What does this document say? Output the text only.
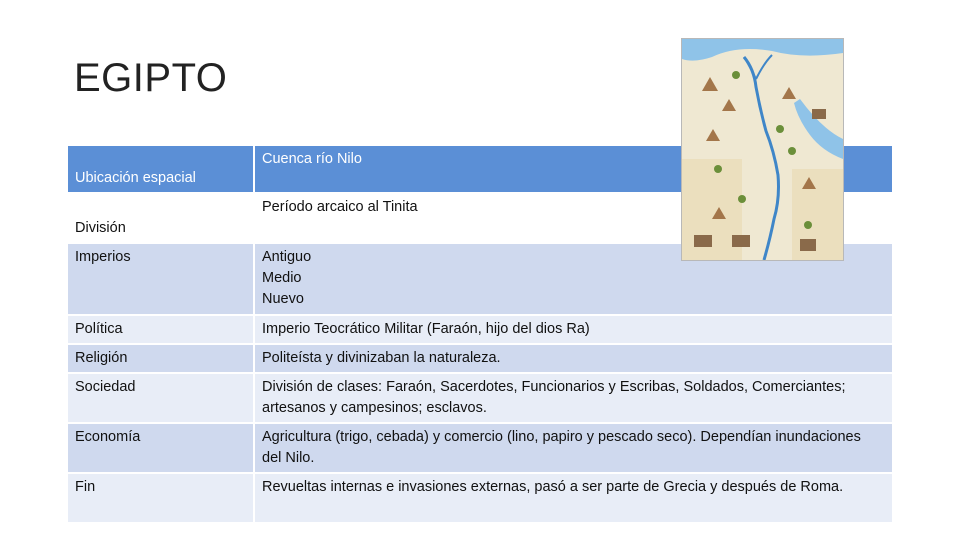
EGIPTO
Ubicación espacial	Cuenca río Nilo

División	Período arcaico al Tinita

Imperios	Antiguo
Medio
Nuevo

Política	Imperio Teocrático Militar (Faraón, hijo del dios Ra)

Religión	Politeísta y divinizaban la naturaleza.

Sociedad	División de clases: Faraón, Sacerdotes, Funcionarios y Escribas, Soldados, Comerciantes; artesanos y campesinos; esclavos.

Economía	Agricultura (trigo, cebada) y comercio (lino, papiro y pescado seco). Dependían inundaciones del Nilo.

Fin	Revueltas internas e invasiones externas, pasó a ser parte de Grecia y después de Roma.
